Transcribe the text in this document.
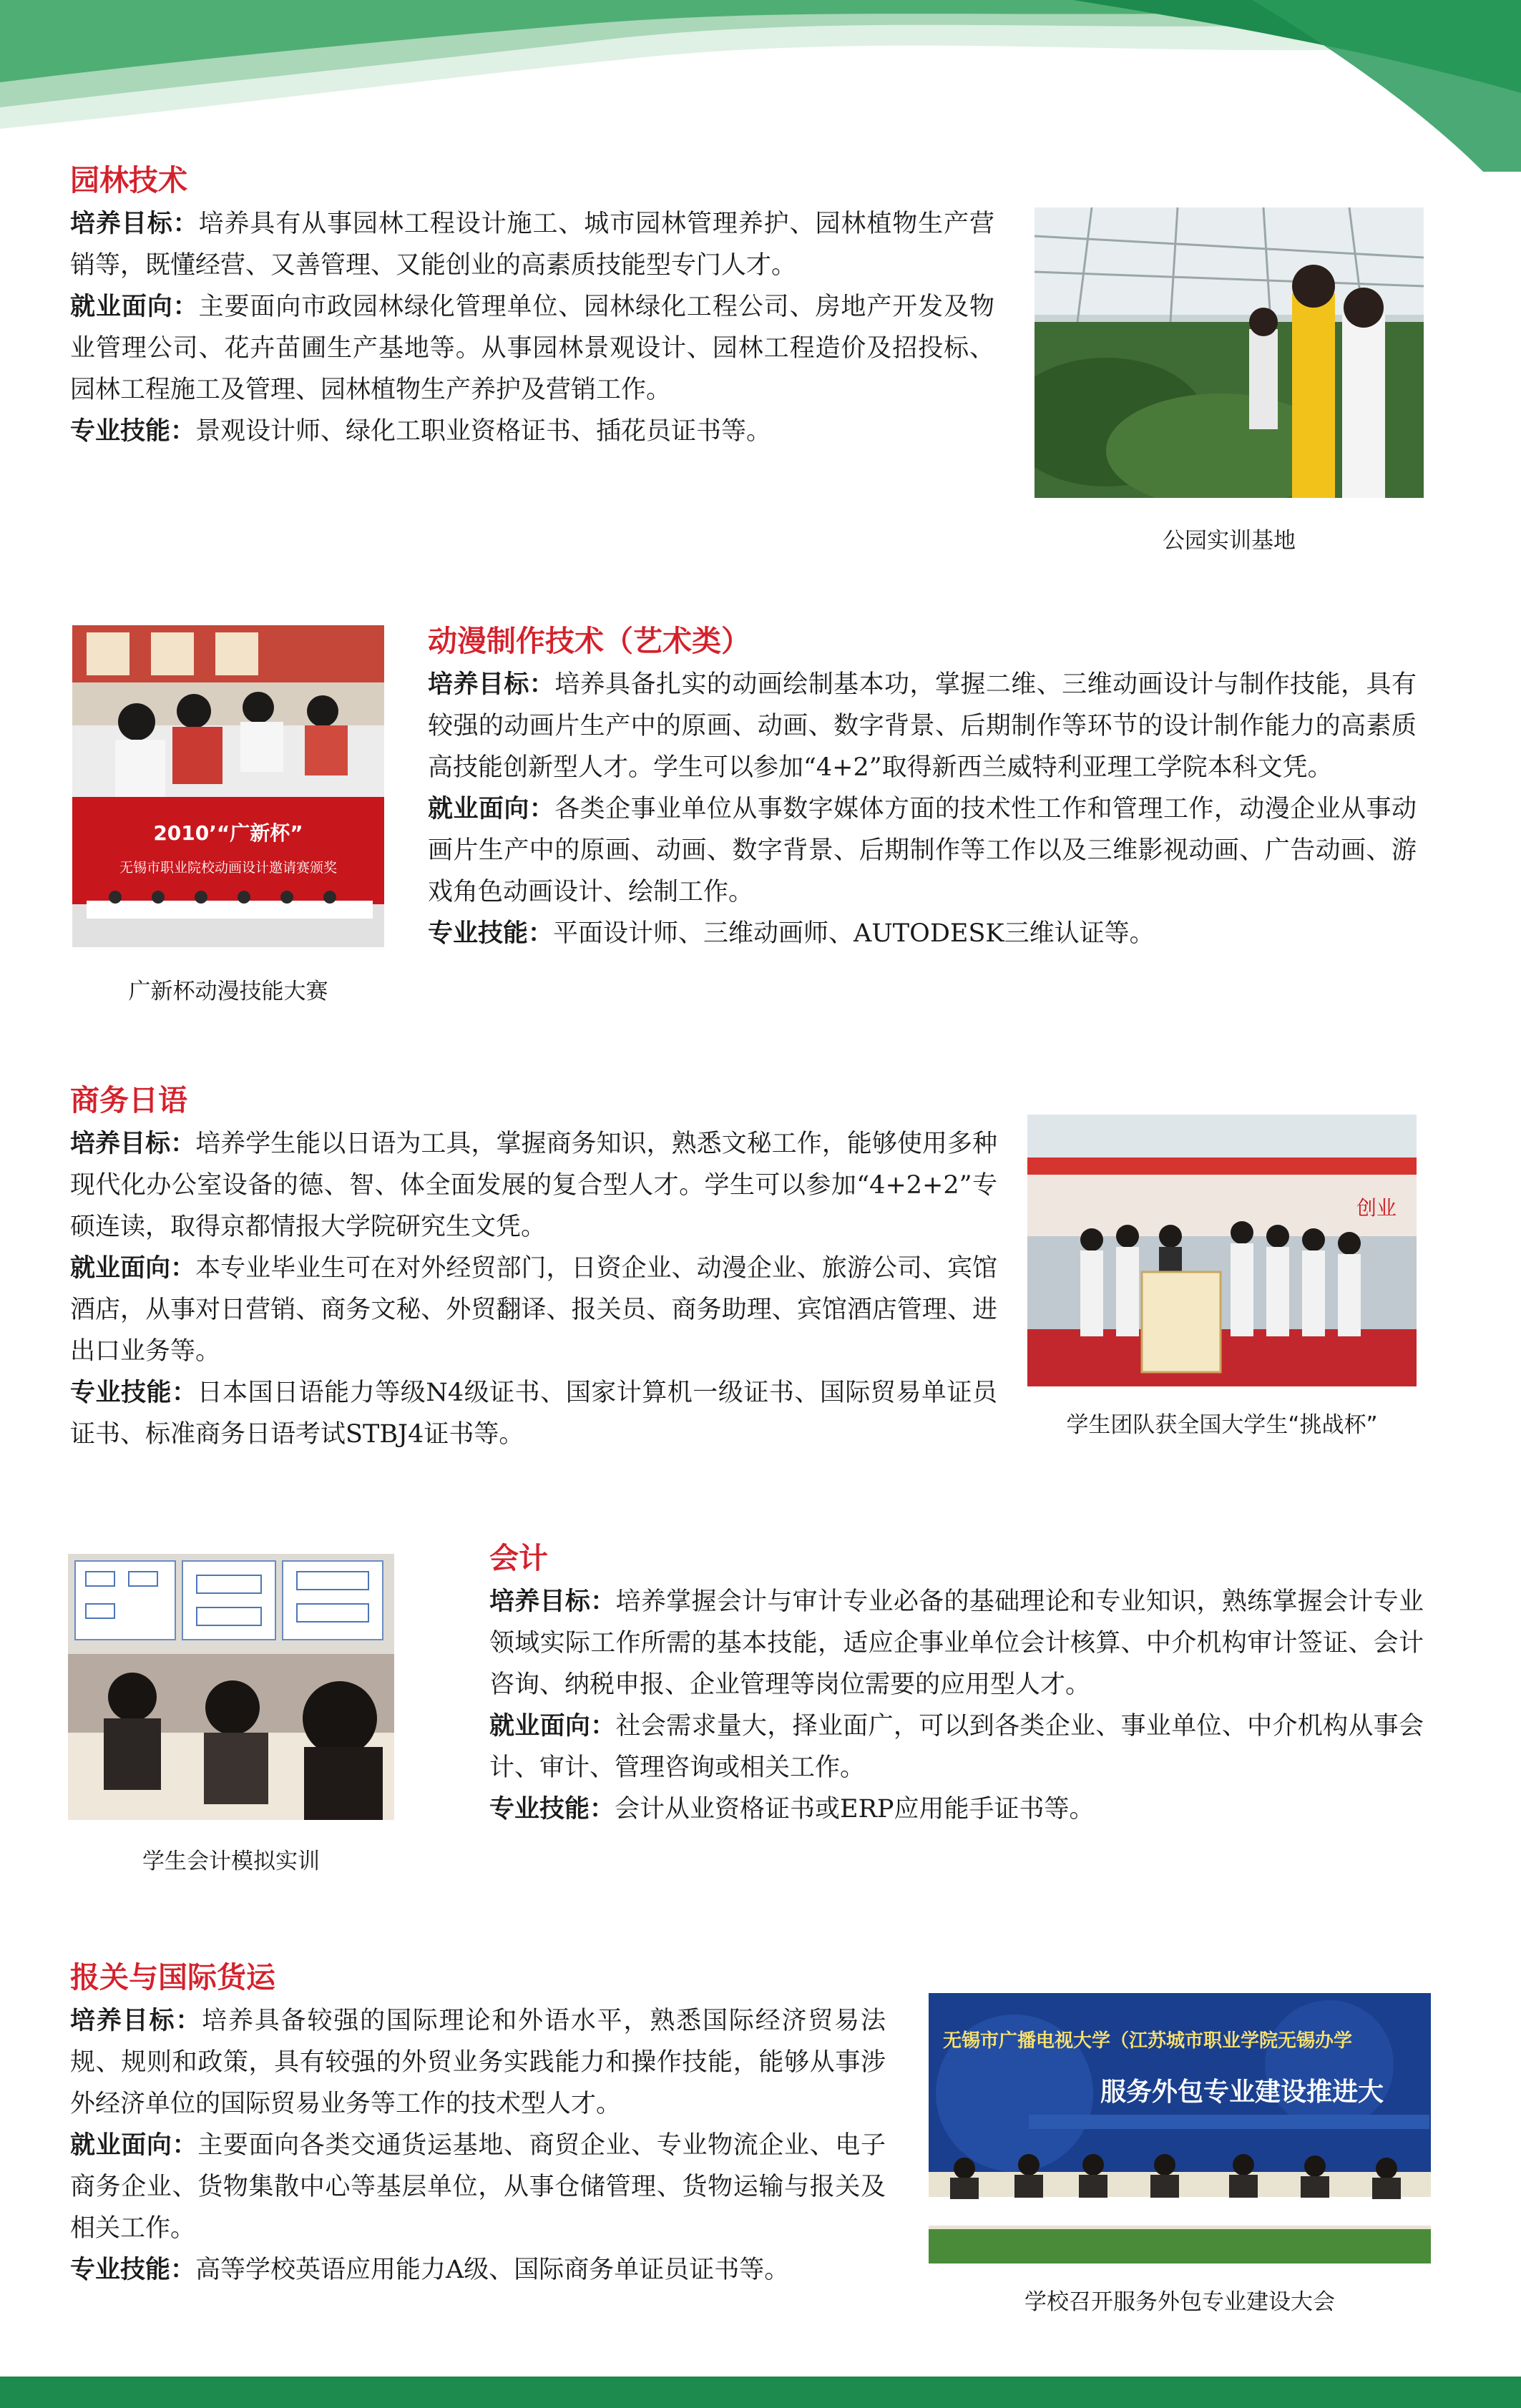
园林技术

培养目标：培养具有从事园林工程设计施工、城市园林管理养护、园林植物生产营销等，既懂经营、又善管理、又能创业的高素质技能型专门人才。

就业面向：主要面向市政园林绿化管理单位、园林绿化工程公司、房地产开发及物业管理公司、花卉苗圃生产基地等。从事园林景观设计、园林工程造价及招投标、园林工程施工及管理、园林植物生产养护及营销工作。

专业技能：景观设计师、绿化工职业资格证书、插花员证书等。

公园实训基地
2010’“广新杯”
无锡市职业院校动画设计邀请赛颁奖
广新杯动漫技能大赛
动漫制作技术（艺术类）

培养目标：培养具备扎实的动画绘制基本功，掌握二维、三维动画设计与制作技能，具有较强的动画片生产中的原画、动画、数字背景、后期制作等环节的设计制作能力的高素质高技能创新型人才。学生可以参加“4+2”取得新西兰威特利亚理工学院本科文凭。

就业面向：各类企事业单位从事数字媒体方面的技术性工作和管理工作，动漫企业从事动画片生产中的原画、动画、数字背景、后期制作等工作以及三维影视动画、广告动画、游戏角色动画设计、绘制工作。

专业技能：平面设计师、三维动画师、AUTODESK三维认证等。

商务日语

培养目标：培养学生能以日语为工具，掌握商务知识，熟悉文秘工作，能够使用多种现代化办公室设备的德、智、体全面发展的复合型人才。学生可以参加“4+2+2”专硕连读，取得京都情报大学院研究生文凭。

就业面向：本专业毕业生可在对外经贸部门，日资企业、动漫企业、旅游公司、宾馆酒店，从事对日营销、商务文秘、外贸翻译、报关员、商务助理、宾馆酒店管理、进出口业务等。

专业技能：日本国日语能力等级N4级证书、国家计算机一级证书、国际贸易单证员证书、标准商务日语考试STBJ4证书等。

创业
学生团队获全国大学生“挑战杯”
学生会计模拟实训
会计

培养目标：培养掌握会计与审计专业必备的基础理论和专业知识，熟练掌握会计专业领域实际工作所需的基本技能，适应企事业单位会计核算、中介机构审计签证、会计咨询、纳税申报、企业管理等岗位需要的应用型人才。

就业面向：社会需求量大，择业面广，可以到各类企业、事业单位、中介机构从事会计、审计、管理咨询或相关工作。

专业技能：会计从业资格证书或ERP应用能手证书等。

报关与国际货运

培养目标：培养具备较强的国际理论和外语水平，熟悉国际经济贸易法规、规则和政策，具有较强的外贸业务实践能力和操作技能，能够从事涉外经济单位的国际贸易业务等工作的技术型人才。

就业面向：主要面向各类交通货运基地、商贸企业、专业物流企业、电子商务企业、货物集散中心等基层单位，从事仓储管理、货物运输与报关及相关工作。

专业技能：高等学校英语应用能力A级、国际商务单证员证书等。

无锡市广播电视大学（江苏城市职业学院无锡办学
服务外包专业建设推进大
学校召开服务外包专业建设大会
